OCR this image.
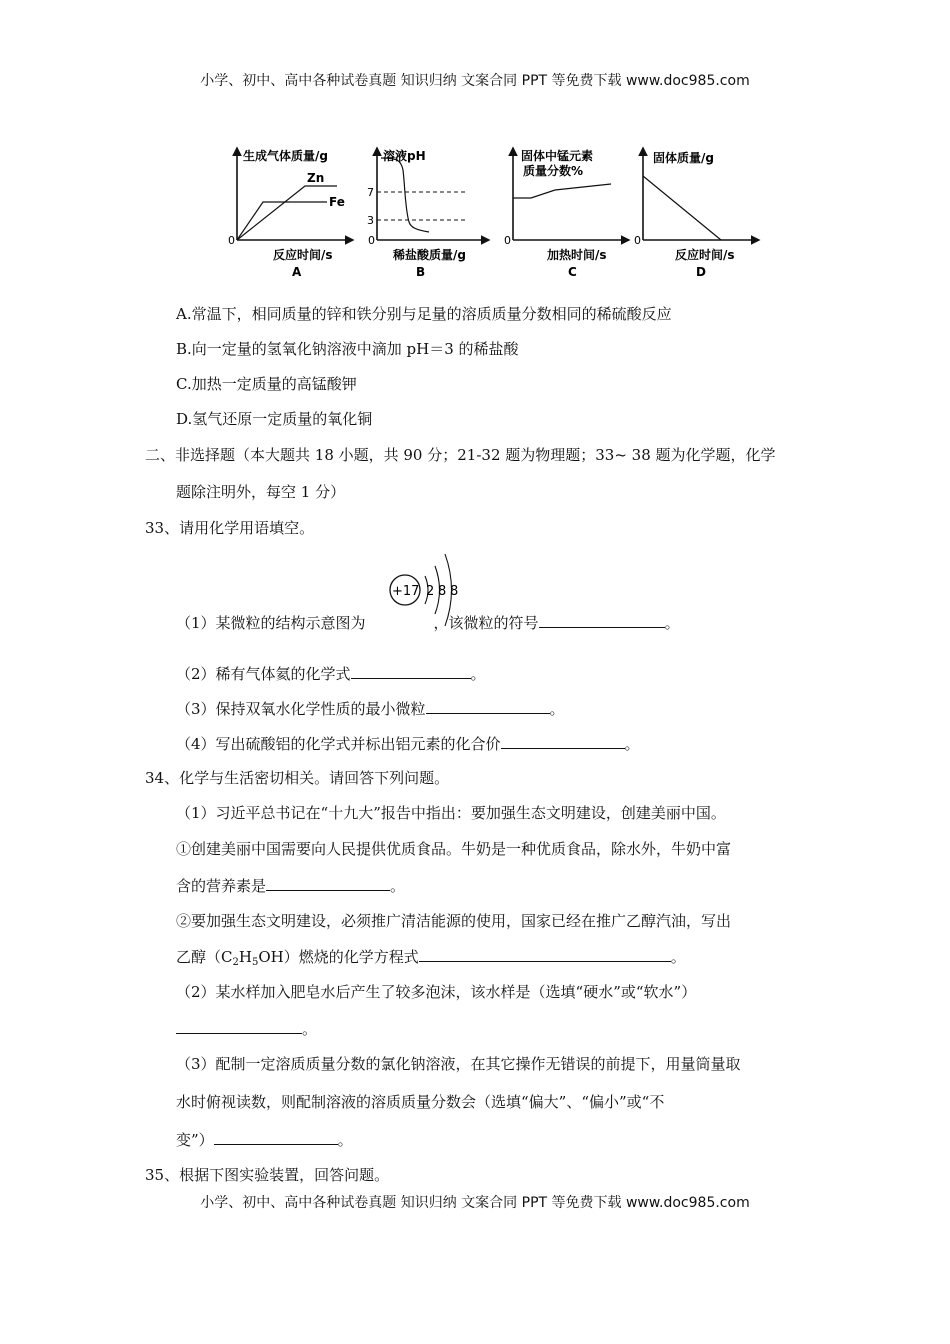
小学、初中、高中各种试卷真题 知识归纳 文案合同 PPT 等免费下载 www.doc985.com
生成气体质量/g
Zn
Fe
0
反应时间/s
A
溶液pH
7
3
0
稀盐酸质量/g
B
固体中锰元素
质量分数%
0
加热时间/s
C
固体质量/g
0
反应时间/s
D
A.常温下，相同质量的锌和铁分别与足量的溶质质量分数相同的稀硫酸反应
B.向一定量的氢氧化钠溶液中滴加 pH＝3 的稀盐酸
C.加热一定质量的高锰酸钾
D.氢气还原一定质量的氧化铜
二、非选择题（本大题共 18 小题，共 90 分；21-32 题为物理题；33~ 38 题为化学题，化学
题除注明外，每空 1 分）
33、请用化学用语填空。
+17 2 8 8
（1）某微粒的结构示意图为	，该微粒的符号	。
（2）稀有气体氦的化学式	。
（3）保持双氧水化学性质的最小微粒	。
（4）写出硫酸铝的化学式并标出铝元素的化合价	。
34、化学与生活密切相关。请回答下列问题。
（1）习近平总书记在“十九大”报告中指出：要加强生态文明建设，创建美丽中国。
①创建美丽中国需要向人民提供优质食品。牛奶是一种优质食品，除水外，牛奶中富
含的营养素是	。
②要加强生态文明建设，必须推广清洁能源的使用，国家已经在推广乙醇汽油，写出
乙醇$(C_2H_5OH)$燃烧的化学方程式	。
（2）某水样加入肥皂水后产生了较多泡沫，该水样是（选填“硬水”或“软水”）
。
（3）配制一定溶质质量分数的氯化钠溶液，在其它操作无错误的前提下，用量筒量取
水时俯视读数，则配制溶液的溶质质量分数会（选填“偏大”、“偏小”或“不
变”）	。
35、根据下图实验装置，回答问题。
小学、初中、高中各种试卷真题 知识归纳 文案合同 PPT 等免费下载 www.doc985.com
